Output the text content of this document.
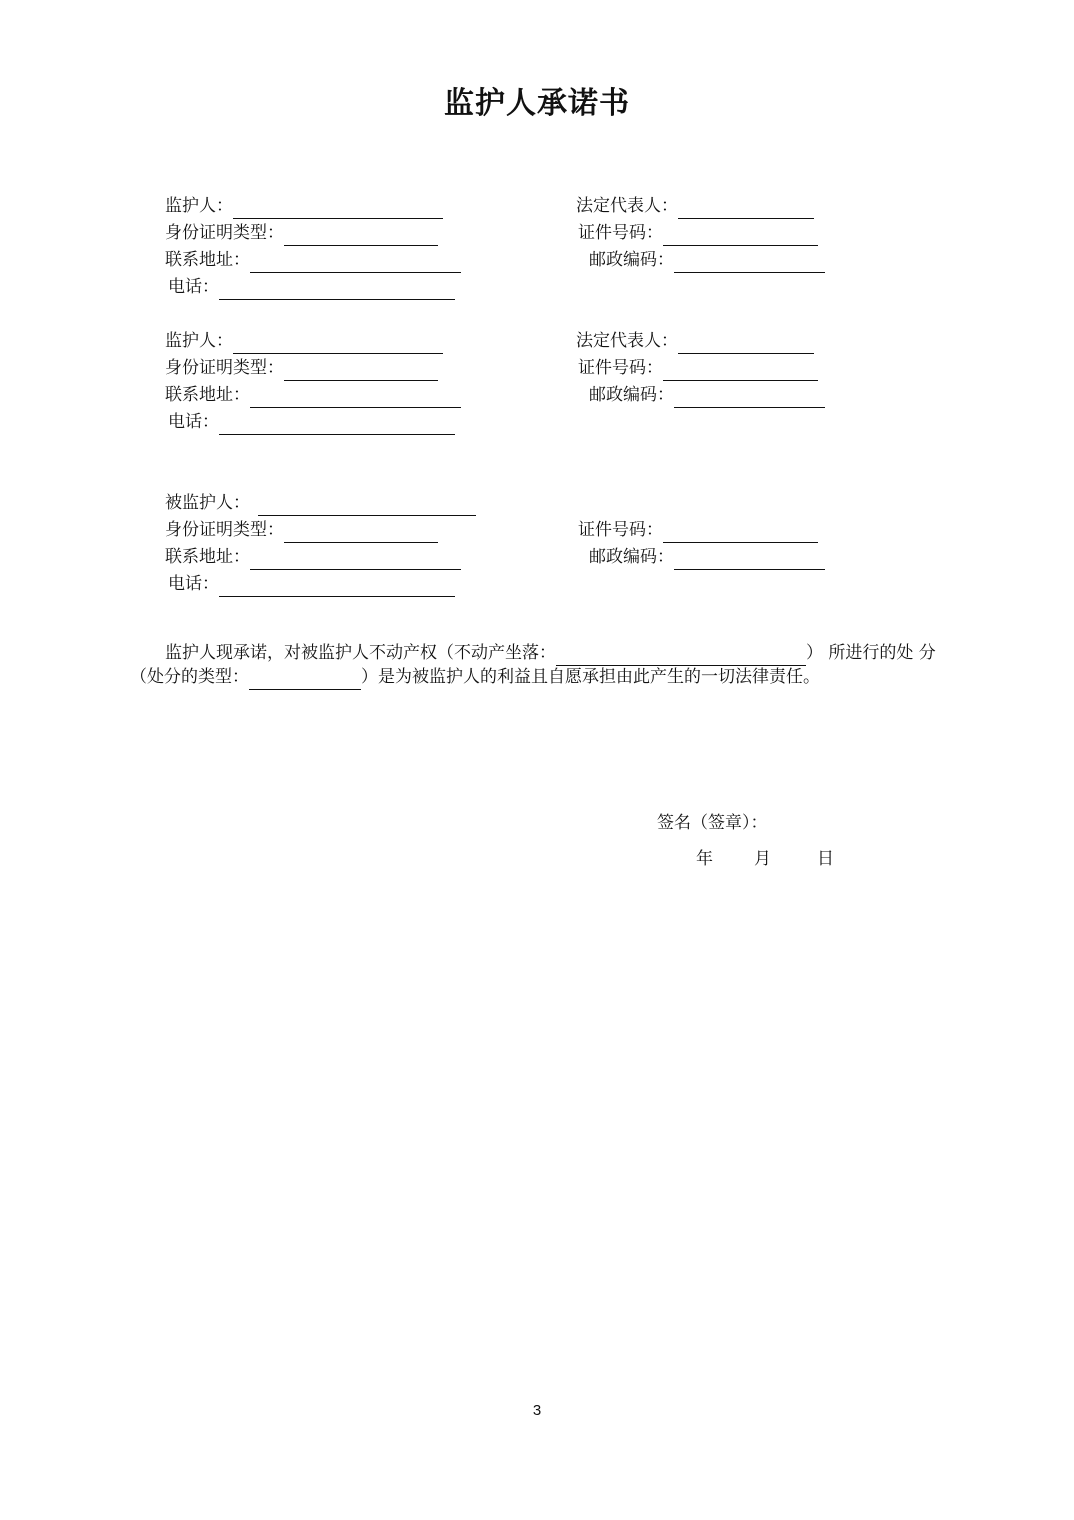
监护人承诺书
监护人：	法定代表人：
身份证明类型：	证件号码：
联系地址：	邮政编码：
电话：
监护人：	法定代表人：
身份证明类型：	证件号码：
联系地址：	邮政编码：
电话：
被监护人：
身份证明类型：	证件号码：
联系地址：	邮政编码：
电话：
监护人现承诺，对被监护人不动产权（不动产坐落：	） 所进行的处 分
（处分的类型：	）是为被监护人的利益且自愿承担由此产生的一切法律责任。
签名（签章）：
年 月	日
3
